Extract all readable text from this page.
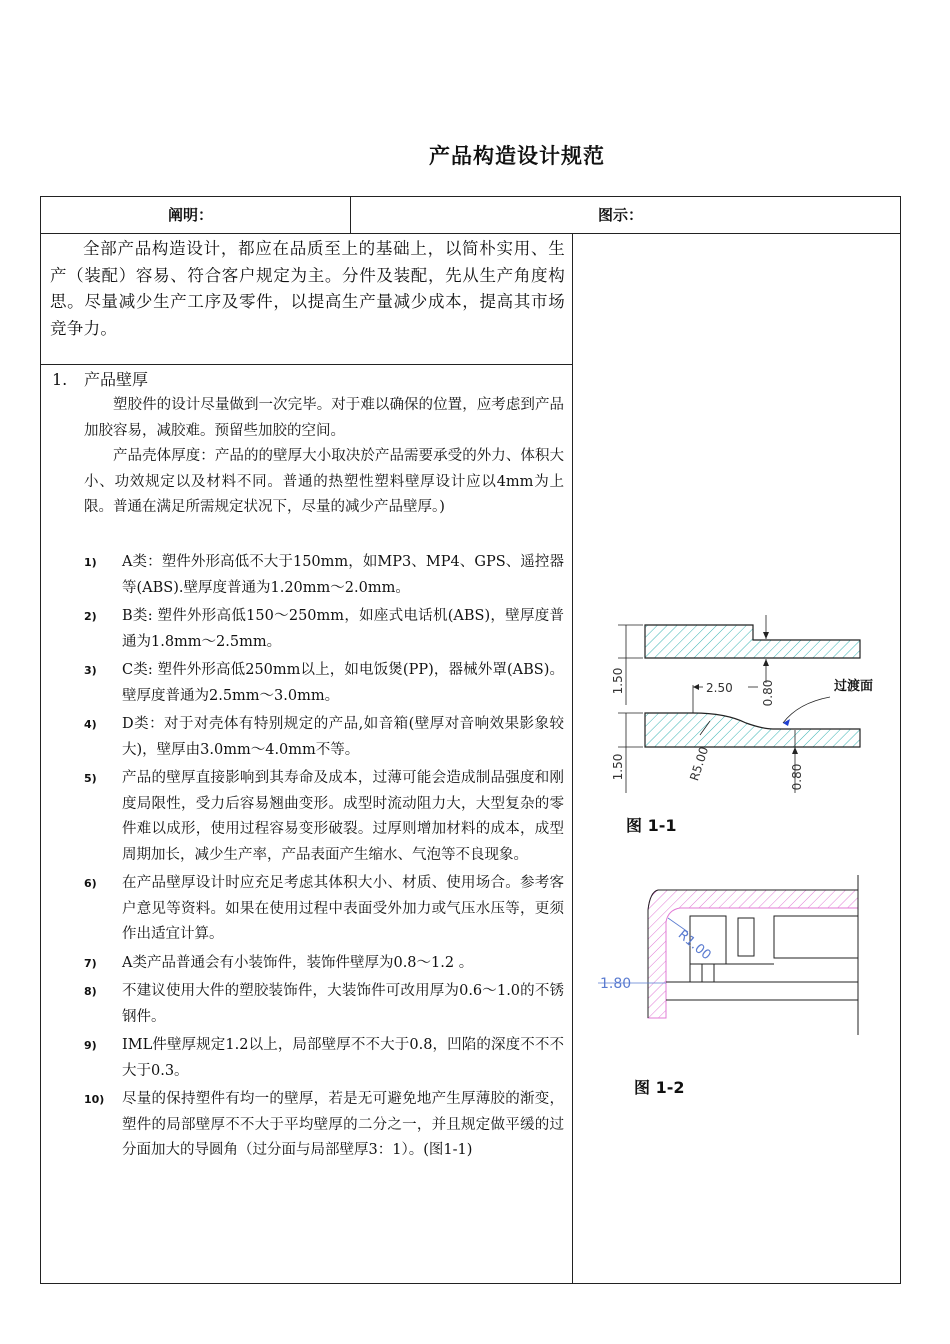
产品构造设计规范
阐明：	图示：

全部产品构造设计，都应在品质至上的基础上，以简朴实用、生产（装配）容易、符合客户规定为主。分件及装配，先从生产角度构思。尽量减少生产工序及零件，以提高生产量减少成本，提高其市场竞争力。

1. 产品壁厚
塑胶件的设计尽量做到一次完毕。对于难以确保的位置，应考虑到产品加胶容易，减胶难。预留些加胶的空间。
产品壳体厚度：产品的的壁厚大小取决於产品需要承受的外力、体积大小、功效规定以及材料不同。普通的热塑性塑料壁厚设计应以4mm为上限。普通在满足所需规定状况下，尽量的减少产品壁厚。)
1) A类：塑件外形高低不大于150mm，如MP3、MP4、GPS、遥控器等(ABS).壁厚度普通为1.20mm～2.0mm。
2) B类: 塑件外形高低150～250mm，如座式电话机(ABS)，壁厚度普通为1.8mm～2.5mm。
3) C类: 塑件外形高低250mm以上，如电饭煲(PP)，器械外罩(ABS)。壁厚度普通为2.5mm～3.0mm。
4) D类：对于对壳体有特别规定的产品,如音箱(壁厚对音响效果影象较大)，壁厚由3.0mm～4.0mm不等。
5) 产品的壁厚直接影响到其寿命及成本，过薄可能会造成制品强度和刚度局限性，受力后容易翘曲变形。成型时流动阻力大，大型复杂的零件难以成形，使用过程容易变形破裂。过厚则增加材料的成本，成型周期加长，减少生产率，产品表面产生缩水、气泡等不良现象。
6) 在产品壁厚设计时应充足考虑其体积大小、材质、使用场合。参考客户意见等资料。如果在使用过程中表面受外加力或气压水压等，更须作出适宜计算。
7) A类产品普通会有小装饰件，装饰件壁厚为0.8～1.2 。
8) 不建议使用大件的塑胶装饰件，大装饰件可改用厚为0.6～1.0的不锈钢件。
9) IML件壁厚规定1.2以上，局部壁厚不不大于0.8，凹陷的深度不不不大于0.3。
10) 尽量的保持塑件有均一的壁厚，若是无可避免地产生厚薄胶的渐变，塑件的局部壁厚不不大于平均壁厚的二分之一，并且规定做平缓的过分面加大的导圆角（过分面与局部壁厚3：1）。(图1-1)
1.50
1.50
2.50 0.80
0.80
R5.00
过渡面
图 1-1
R1.00
1.80
图 1-2
